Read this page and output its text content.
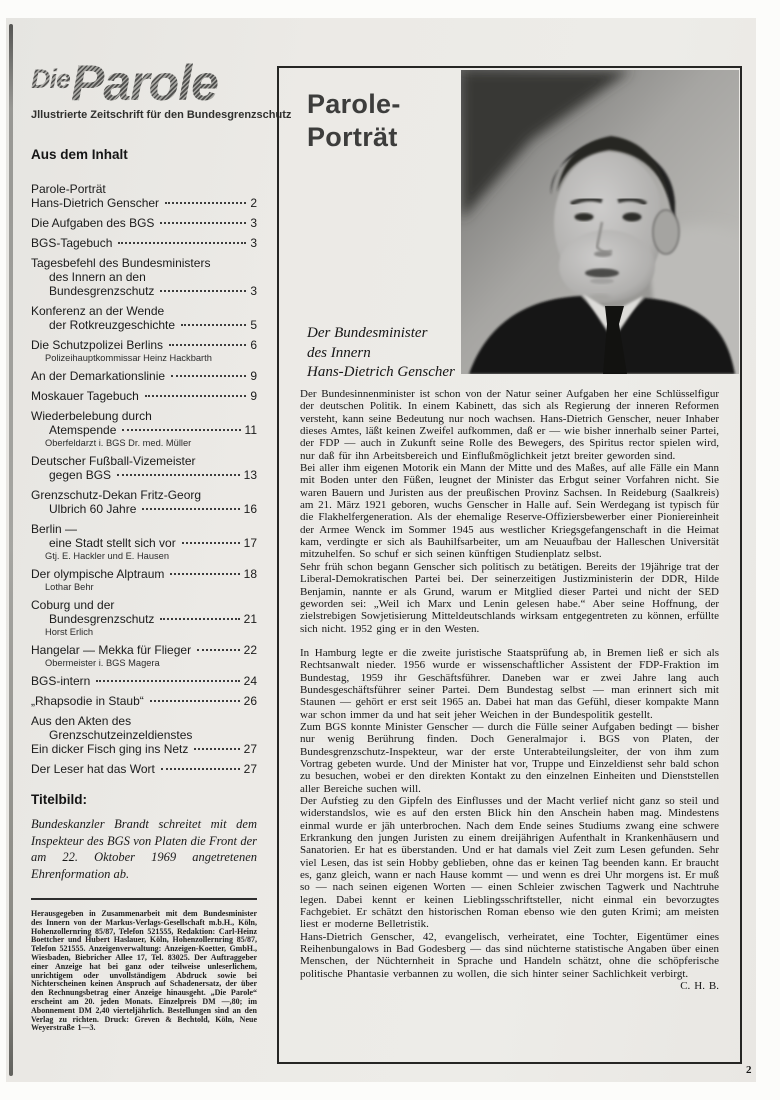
DieParole
Jllustrierte Zeitschrift für den Bundesgrenzschutz
Aus dem Inhalt
Parole-Porträt
Hans-Dietrich Genscher	2
Die Aufgaben des BGS	3
BGS-Tagebuch	3
Tagesbefehl des Bundesministers
des Innern an den
Bundesgrenzschutz	3
Konferenz an der Wende
der Rotkreuzgeschichte	5
Die Schutzpolizei Berlins	6
Polizeihauptkommissar Heinz Hackbarth
An der Demarkationslinie	9
Moskauer Tagebuch	9
Wiederbelebung durch
Atemspende	11
Oberfeldarzt i. BGS Dr. med. Müller
Deutscher Fußball-Vizemeister
gegen BGS	13
Grenzschutz-Dekan Fritz-Georg
Ulbrich 60 Jahre	16
Berlin —
eine Stadt stellt sich vor	17
Gtj. E. Hackler und E. Hausen
Der olympische Alptraum	18
Lothar Behr
Coburg und der
Bundesgrenzschutz	21
Horst Erlich
Hangelar — Mekka für Flieger	22
Obermeister i. BGS Magera
BGS-intern	24
„Rhapsodie in Staub“	26
Aus den Akten des
Grenzschutzeinzeldienstes
Ein dicker Fisch ging ins Netz	27
Der Leser hat das Wort	27
Titelbild:
Bundeskanzler Brandt schreitet mit dem Inspekteur des BGS von Platen die Front der am 22. Oktober 1969 angetretenen Ehrenformation ab.
Herausgegeben in Zusammenarbeit mit dem Bundesminister des Innern von der Markus-Verlags-Gesellschaft m.b.H., Köln, Hohenzollernring 85/87, Telefon 521555, Redaktion: Carl-Heinz Boettcher und Hubert Haslauer, Köln, Hohenzollernring 85/87, Telefon 521555. Anzeigenverwaltung: Anzeigen-Koetter, GmbH., Wiesbaden, Biebricher Allee 17, Tel. 83025. Der Auftraggeber einer Anzeige hat bei ganz oder teilweise unleserlichem, unrichtigem oder unvollständigem Abdruck sowie bei Nichterscheinen keinen Anspruch auf Schadenersatz, der über den Rechnungsbetrag einer Anzeige hinausgeht. „Die Parole“ erscheint am 20. jeden Monats. Einzelpreis DM —,80; im Abonnement DM 2,40 vierteljährlich. Bestellungen sind an den Verlag zu richten. Druck: Greven & Bechtold, Köln, Neue Weyerstraße 1—3.
Parole-
Porträt
Der Bundesminister
des Innern
Hans-Dietrich Genscher

Der Bundesinnenminister ist schon von der Natur seiner Aufgaben her eine Schlüsselfigur der deutschen Politik. In einem Kabinett, das sich als Regierung der inneren Reformen versteht, kann seine Bedeutung nur noch wachsen. Hans-Dietrich Genscher, neuer Inhaber dieses Amtes, läßt keinen Zweifel aufkommen, daß er — wie bisher innerhalb seiner Partei, der FDP — auch in Zukunft seine Rolle des Bewegers, des Spiritus rector spielen wird, nur daß für ihn Arbeitsbereich und Einflußmöglichkeit jetzt breiter geworden sind.

Bei aller ihm eigenen Motorik ein Mann der Mitte und des Maßes, auf alle Fälle ein Mann mit Boden unter den Füßen, leugnet der Minister das Erbgut seiner Vorfahren nicht. Sie waren Bauern und Juristen aus der preußischen Provinz Sachsen. In Reideburg (Saalkreis) am 21. März 1921 geboren, wuchs Genscher in Halle auf. Sein Werdegang ist typisch für die Flakhelfergeneration. Als der ehemalige Reserve-Offiziersbewerber einer Pioniereinheit der Armee Wenck im Sommer 1945 aus westlicher Kriegsgefangenschaft in die Heimat kam, verdingte er sich als Bauhilfsarbeiter, um am Neuaufbau der Halleschen Universität mitzuhelfen. So schuf er sich seinen künftigen Studienplatz selbst.

Sehr früh schon begann Genscher sich politisch zu betätigen. Bereits der 19jährige trat der Liberal-Demokratischen Partei bei. Der seinerzeitigen Justizministerin der DDR, Hilde Benjamin, nannte er als Grund, warum er Mitglied dieser Partei und nicht der SED geworden sei: „Weil ich Marx und Lenin gelesen habe.“ Aber seine Hoffnung, der zielstrebigen Sowjetisierung Mitteldeutschlands wirksam entgegentreten zu können, erfüllte sich nicht. 1952 ging er in den Westen.

In Hamburg legte er die zweite juristische Staatsprüfung ab, in Bremen ließ er sich als Rechtsanwalt nieder. 1956 wurde er wissenschaftlicher Assistent der FDP-Fraktion im Bundestag, 1959 ihr Geschäftsführer. Daneben war er zwei Jahre lang auch Bundesgeschäftsführer seiner Partei. Dem Bundestag selbst — man erinnert sich mit Staunen — gehört er erst seit 1965 an. Dabei hat man das Gefühl, dieser kompakte Mann war schon immer da und hat seit jeher Weichen in der Bundespolitik gestellt.

Zum BGS konnte Minister Genscher — durch die Fülle seiner Aufgaben bedingt — bisher nur wenig Berührung finden. Doch Generalmajor i. BGS von Platen, der Bundesgrenzschutz-Inspekteur, war der erste Unterabteilungsleiter, der von ihm zum Vortrag gebeten wurde. Und der Minister hat vor, Truppe und Einzeldienst sehr bald schon zu besuchen, wobei er den direkten Kontakt zu den einzelnen Einheiten und Dienststellen aller Bereiche suchen will.

Der Aufstieg zu den Gipfeln des Einflusses und der Macht verlief nicht ganz so steil und widerstandslos, wie es auf den ersten Blick hin den Anschein haben mag. Mindestens einmal wurde er jäh unterbrochen. Nach dem Ende seines Studiums zwang eine schwere Erkrankung den jungen Juristen zu einem dreijährigen Aufenthalt in Krankenhäusern und Sanatorien. Er hat es überstanden. Und er hat damals viel Zeit zum Lesen gefunden. Sehr viel Lesen, das ist sein Hobby geblieben, ohne das er keinen Tag beenden kann. Er braucht es, ganz gleich, wann er nach Hause kommt — und wenn es drei Uhr morgens ist. Er muß so — nach seinen eigenen Worten — einen Schleier zwischen Tagwerk und Nachtruhe legen. Dabei kennt er keinen Lieblingsschriftsteller, nicht einmal ein bevorzugtes Fachgebiet. Er schätzt den historischen Roman ebenso wie den guten Krimi; am meisten liest er moderne Belletristik.

Hans-Dietrich Genscher, 42, evangelisch, verheiratet, eine Tochter, Eigentümer eines Reihenbungalows in Bad Godesberg — das sind nüchterne statistische Angaben über einen Menschen, der Nüchternheit in Sprache und Handeln schätzt, ohne die schöpferische politische Phantasie verbannen zu wollen, die sich hinter seiner Sachlichkeit verbirgt.
C. H. B.

2
